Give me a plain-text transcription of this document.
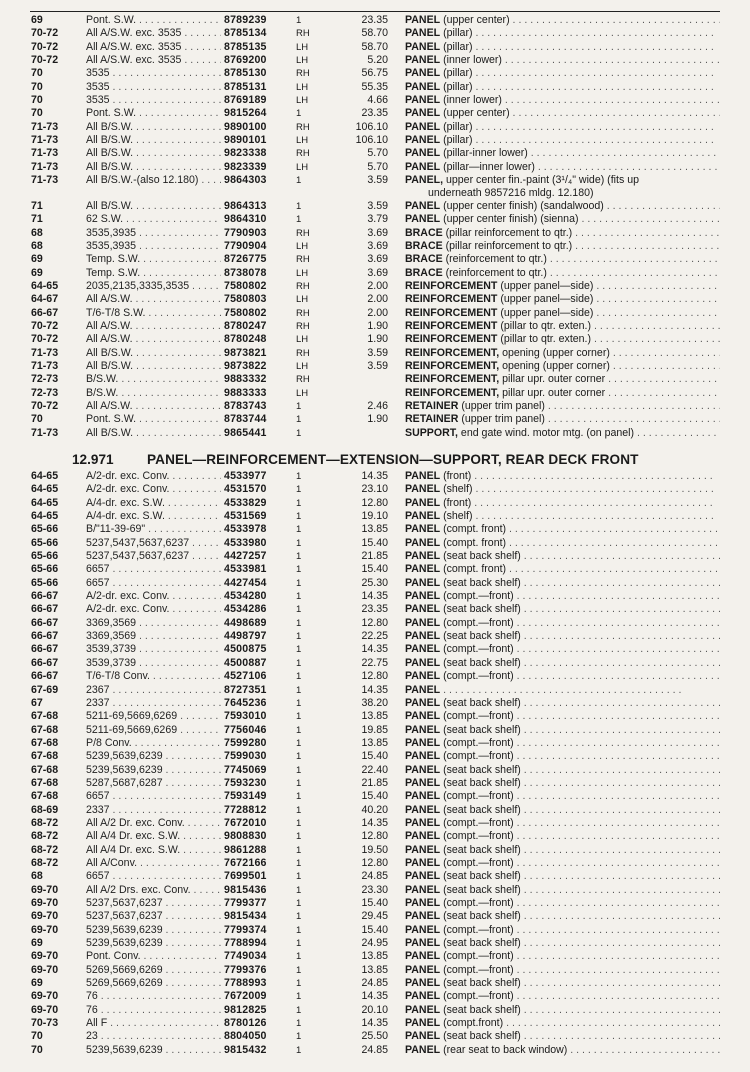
69	Pont. S.W. . . .	8789239	1	23.35 PANEL (upper center) . . .
70-72	All A/S.W. exc. 3535 . . .	8785134	RH	58.70 PANEL (pillar) . . .
70-72	All A/S.W. exc. 3535 . . .	8785135	LH	58.70 PANEL (pillar) . . .
70-72	All A/S.W. exc. 3535 . . .	8769200	LH	5.20 PANEL (inner lower) . . .
70	3535 . . .	8785130	RH	56.75 PANEL (pillar) . . .
70	3535 . . .	8785131	LH	55.35 PANEL (pillar) . . .
70	3535 . . .	8769189	LH	4.66 PANEL (inner lower) . . .
70	Pont. S.W. . . .	9815264	1	23.35 PANEL (upper center) . . .
71-73	All B/S.W. . . .	9890100	RH	106.10 PANEL (pillar) . . .
71-73	All B/S.W. . . .	9890101	LH	106.10 PANEL (pillar) . . .
71-73	All B/S.W. . . .	9823338	RH	5.70 PANEL (pillar-inner lower) . . .
71-73	All B/S.W. . . .	9823339	LH	5.70 PANEL (pillar—inner lower) . . .
71-73	All B/S.W.-(also 12.180) . . .	9864303	1	3.59 PANEL, upper center fin.-paint (3¹/₄" wide) (fits up
underneath 9857216 mldg. 12.180)
71	All B/S.W. . . .	9864313	1	3.59 PANEL (upper center finish) (sandalwood) . . .
71	62 S.W. . . .	9864310	1	3.79 PANEL (upper center finish) (sienna) . . .
68	3535,3935 . . .	7790903	RH	3.69 BRACE (pillar reinforcement to qtr.) . . .
68	3535,3935 . . .	7790904	LH	3.69 BRACE (pillar reinforcement to qtr.) . . .
69	Temp. S.W. . . .	8726775	RH	3.69 BRACE (reinforcement to qtr.) . . .
69	Temp. S.W. . . .	8738078	LH	3.69 BRACE (reinforcement to qtr.) . . .
64-65	2035,2135,3335,3535 . . .	7580802	RH	2.00 REINFORCEMENT (upper panel—side) . . .
64-67	All A/S.W. . . .	7580803	LH	2.00 REINFORCEMENT (upper panel—side) . . .
66-67	T/6-T/8 S.W. . . .	7580802	RH	2.00 REINFORCEMENT (upper panel—side) . . .
70-72	All A/S.W. . . .	8780247	RH	1.90 REINFORCEMENT (pillar to qtr. exten.) . . .
70-72	All A/S.W. . . .	8780248	LH	1.90 REINFORCEMENT (pillar to qtr. exten.) . . .
71-73	All B/S.W. . . .	9873821	RH	3.59 REINFORCEMENT, opening (upper corner) . . .
71-73	All B/S.W. . . .	9873822	LH	3.59 REINFORCEMENT, opening (upper corner) . . .
72-73	B/S.W. . . .	9883332	RH	REINFORCEMENT, pillar upr. outer corner . . .
72-73	B/S.W. . . .	9883333	LH	REINFORCEMENT, pillar upr. outer corner . . .
70-72	All A/S.W. . . .	8783743	1	2.46 RETAINER (upper trim panel) . . .
70	Pont. S.W. . . .	8783744	1	1.90 RETAINER (upper trim panel) . . .
71-73	All B/S.W. . . .	9865441	1	SUPPORT, end gate wind. motor mtg. (on panel) . . .
12.971 PANEL—REINFORCEMENT—EXTENSION—SUPPORT, REAR DECK FRONT
64-65	A/2-dr. exc. Conv. . . .	4533977	1	14.35 PANEL (front) . . .
64-65	A/2-dr. exc. Conv. . . .	4531570	1	23.10 PANEL (shelf) . . .
64-65	A/4-dr. exc. S.W. . . .	4533829	1	12.80 PANEL (front) . . .
64-65	A/4-dr. exc. S.W. . . .	4531569	1	19.10 PANEL (shelf) . . .
65-66	B/"11-39-69" . . .	4533978	1	13.85 PANEL (compt. front) . . .
65-66	5237,5437,5637,6237 . . .	4533980	1	15.40 PANEL (compt. front) . . .
65-66	5237,5437,5637,6237 . . .	4427257	1	21.85 PANEL (seat back shelf) . . .
65-66	6657 . . .	4533981	1	15.40 PANEL (compt. front) . . .
65-66	6657 . . .	4427454	1	25.30 PANEL (seat back shelf) . . .
66-67	A/2-dr. exc. Conv. . . .	4534280	1	14.35 PANEL (compt.—front) . . .
66-67	A/2-dr. exc. Conv. . . .	4534286	1	23.35 PANEL (seat back shelf) . . .
66-67	3369,3569 . . .	4498689	1	12.80 PANEL (compt.—front) . . .
66-67	3369,3569 . . .	4498797	1	22.25 PANEL (seat back shelf) . . .
66-67	3539,3739 . . .	4500875	1	14.35 PANEL (compt.—front) . . .
66-67	3539,3739 . . .	4500887	1	22.75 PANEL (seat back shelf) . . .
66-67	T/6-T/8 Conv. . . .	4527106	1	12.80 PANEL (compt.—front) . . .
67-69	2367 . . .	8727351	1	14.35 PANEL . . .
67	2337 . . .	7645236	1	38.20 PANEL (seat back shelf) . . .
67-68	5211-69,5669,6269 . . .	7593010	1	13.85 PANEL (compt.—front) . . .
67-68	5211-69,5669,6269 . . .	7756046	1	19.85 PANEL (seat back shelf) . . .
67-68	P/8 Conv. . . .	7599280	1	13.85 PANEL (compt.—front) . . .
67-68	5239,5639,6239 . . .	7599030	1	15.40 PANEL (compt.—front) . . .
67-68	5239,5639,6239 . . .	7745069	1	22.40 PANEL (seat back shelf) . . .
67-68	5287,5687,6287 . . .	7593230	1	21.85 PANEL (seat back shelf) . . .
67-68	6657 . . .	7593149	1	15.40 PANEL (compt.—front) . . .
68-69	2337 . . .	7728812	1	40.20 PANEL (seat back shelf) . . .
68-72	All A/2 Dr. exc. Conv. . . .	7672010	1	14.35 PANEL (compt.—front) . . .
68-72	All A/4 Dr. exc. S.W. . . .	9808830	1	12.80 PANEL (compt.—front) . . .
68-72	All A/4 Dr. exc. S.W. . . .	9861288	1	19.50 PANEL (seat back shelf) . . .
68-72	All A/Conv. . . .	7672166	1	12.80 PANEL (compt.—front) . . .
68	6657 . . .	7699501	1	24.85 PANEL (seat back shelf) . . .
69-70	All A/2 Drs. exc. Conv. . . .	9815436	1	23.30 PANEL (seat back shelf) . . .
69-70	5237,5637,6237 . . .	7799377	1	15.40 PANEL (compt.—front) . . .
69-70	5237,5637,6237 . . .	9815434	1	29.45 PANEL (seat back shelf) . . .
69-70	5239,5639,6239 . . .	7799374	1	15.40 PANEL (compt.—front) . . .
69	5239,5639,6239 . . .	7788994	1	24.95 PANEL (seat back shelf) . . .
69-70	Pont. Conv. . . .	7749034	1	13.85 PANEL (compt.—front) . . .
69-70	5269,5669,6269 . . .	7799376	1	13.85 PANEL (compt.—front) . . .
69	5269,5669,6269 . . .	7788993	1	24.85 PANEL (seat back shelf) . . .
69-70	76 . . .	7672009	1	14.35 PANEL (compt.—front) . . .
69-70	76 . . .	9812825	1	20.10 PANEL (seat back shelf) . . .
70-73	All F . . .	8780126	1	14.35 PANEL (compt.front) . . .
70	23 . . .	8804050	1	25.50 PANEL (seat back shelf) . . .
70	5239,5639,6239 . . .	9815432	1	24.85 PANEL (rear seat to back window) . . .
